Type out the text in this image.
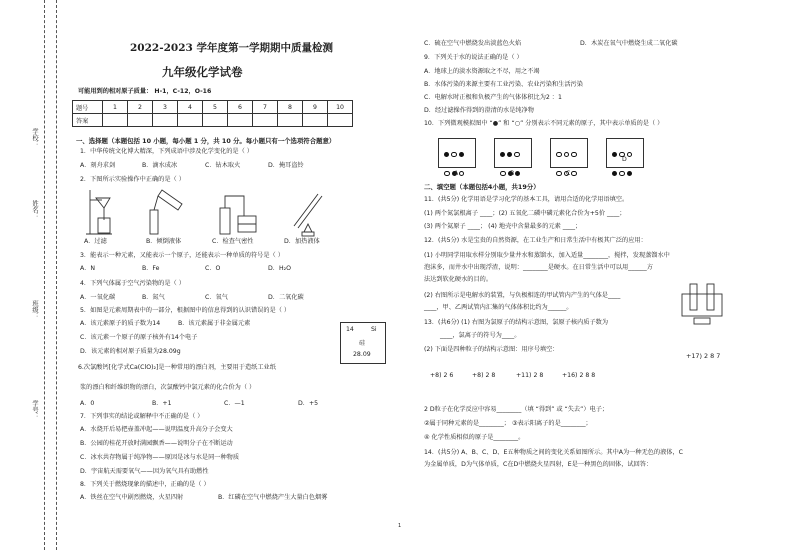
学校：
姓名：
班级：
学号：
2022-2023 学年度第一学期期中质量检测
九年级化学试卷
可能用到的相对原子质量： H-1，C-12，O-16
题号	1	2	3	4	5	6	7	8	9	10
答案										
一、选择题（本题包括 10 小题，每小题 1 分，共 10 分。每小题只有一个选项符合题意）
1．中华传统文化博大精深，下列成语中涉及化学变化的是（ ）
A．刻舟求剑	B．滴水成冰	C．钻木取火	D．掩耳盗铃
2．下图所示实验操作中正确的是（ ）
A．过滤	B．倾倒液体	C．检查气密性	D．加热液体
3．能表示一种元素，又能表示一个原子，还能表示一种单质的符号是（ ）
A．N	B．Fe	C．O	D．H₂O
4．下列气体属于空气污染物的是（ ）
A．一氧化碳	B．氮气	C．氧气	D．二氧化碳
5．如图是元素周期表中的一部分，根据图中的信息得到的认识错误的是（ ）
A．该元素原子的质子数为14	B．该元素属于非金属元素
C．该元素一个原子的原子核外有14个电子
D．该元素的相对原子质量为28.09g
14	Si
硅
28.09
6.次氯酸钙[化学式Ca(ClO)₂]是一种常用的漂白剂，主要用于造纸工业纸
浆的漂白和纤维织物的漂白，次氯酸钙中氯元素的化合价为（ ）
A．0	B．+1	C．—1	D．+5
7．下列事实的结论或解释中不正确的是（ ）
A．水烧开后易把壶盖冲起——说明温度升高分子会变大
B．公园的桂花开放时满园飘香——说明分子在不断运动
C．冰水共存物属于纯净物——原因是冰与水是同一种物质
D．宇宙航天需要氧气——因为氧气具有助燃性
8．下列关于燃烧现象的描述中，正确的是（ ）
A．铁丝在空气中剧烈燃烧，火星四射	B．红磷在空气中燃烧产生大量白色烟雾
C．硫在空气中燃烧发出淡蓝色火焰	D．木炭在氧气中燃烧生成二氧化碳
9．下列关于水的说法正确的是（ ）
A．地球上的淡水资源取之不尽，用之不竭
B．水体污染的来源主要有工业污染、农业污染和生活污染
C．电解水时正极和负极产生的气体体积比为2 ：1
D．经过滤操作得到的澄清的水是纯净物
10．下列微观模拟图中 “●” 和 “○” 分别表示不同元素的原子，其中表示单质的是（ ）

A	B	C
D
二、填空题（本题包括4小题，共19分）
11．(共5分) 化学用语是学习化学的基本工具，请用合适的化学用语填空。
(1) 两个氮氯根离子 ____；(2) 五氧化二磷中磷元素化合价为+5价 ____；
(3) 两个氦原子 ____； (4) 地壳中含量最多的元素 ____；
12．(共5分) 水是宝贵的自然资源，在工业生产和日常生活中有极其广泛的应用：
(1) 小明同学用取水样分别取少量井水和蒸馏水，加入适量________，搅拌，发现蒸馏水中
泡沫多，而井水中出现浮渣，说明：________是硬水。在日常生活中可以用______方
法达到软化硬水的目的。
(2) 右图所示是电解水的装置，与负极相连的甲试管内产生的气体是____
____，甲、乙两试管内汇集的气体体积比约为______。
13．(共6分) (1) 右图为氯原子的结构示意图，氯原子核内质子数为
____，氯离子的符号为____。
(2) 下面是四种粒子的结构示意图：用序号填空：
+17) 2 8 7
+8) 2 6	+8) 2 8	+11) 2 8	+16) 2 8 8
2 D粒子在化学反应中容易________（填 “得到” 或 “失去”）电子；
②属于同种元素的是________； ③表示阳离子的是________；
④ 化学性质相似的原子是________。
14．(共5分) A、B、C、D、E五种物质之间的变化关系如图所示。其中A为一种无色的液体，C
为金属单质，D为气体单质，C在D中燃烧火星四射，E是一种黑色的固体，试回答：
1
